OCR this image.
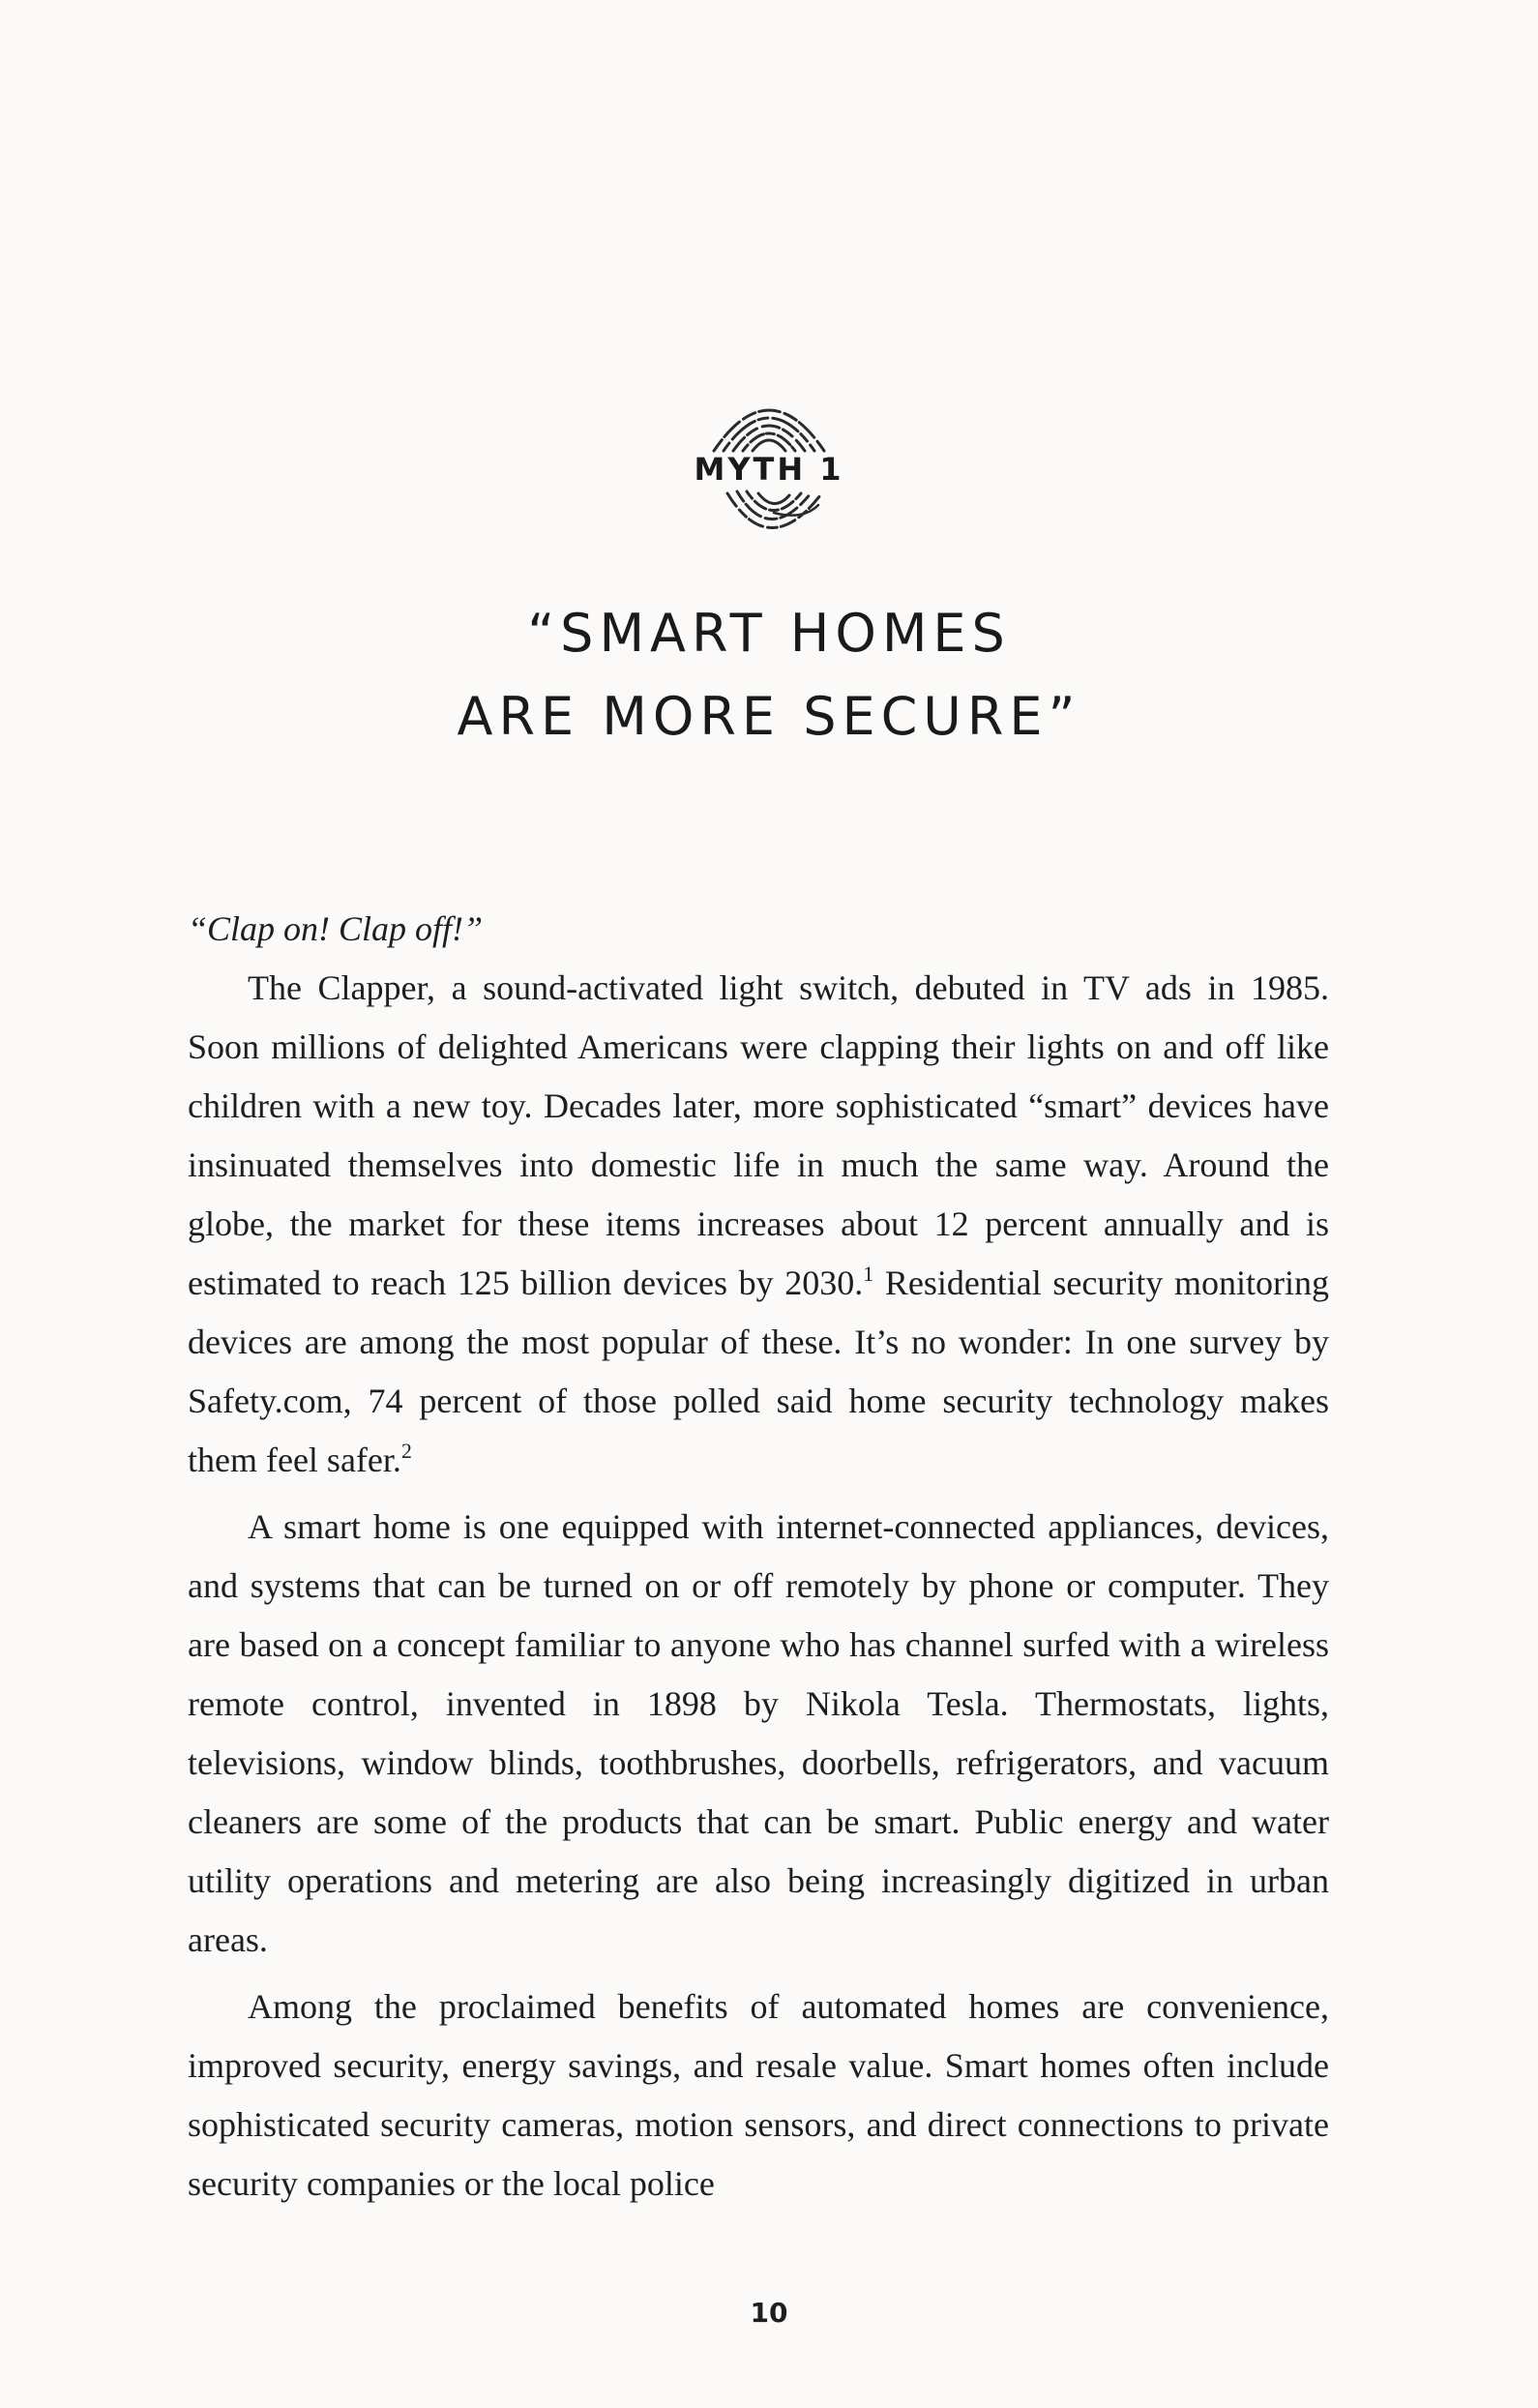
MYTH 1
“SMART HOMES
ARE MORE SECURE”

“Clap on! Clap off!”

The Clapper, a sound-activated light switch, debuted in TV ads in 1985. Soon millions of delighted Americans were clapping their lights on and off like children with a new toy. Decades later, more sophisticated “smart” devices have insinuated themselves into domestic life in much the same way. Around the globe, the market for these items increases about 12 percent annually and is estimated to reach 125 billion devices by 2030.$^1$ Residential security monitoring devices are among the most popular of these. It’s no wonder: In one survey by Safety.com, 74 percent of those polled said home security technology makes them feel safer.$^2$

A smart home is one equipped with internet-connected appliances, devices, and systems that can be turned on or off remotely by phone or computer. They are based on a concept familiar to anyone who has channel surfed with a wireless remote control, invented in 1898 by Nikola Tesla. Thermostats, lights, televisions, window blinds, toothbrushes, doorbells, refrigerators, and vacuum cleaners are some of the products that can be smart. Public energy and water utility operations and metering are also being increasingly digitized in urban areas.

Among the proclaimed benefits of automated homes are convenience, improved security, energy savings, and resale value. Smart homes often include sophisticated security cameras, motion sensors, and direct connections to private security companies or the local police

10
